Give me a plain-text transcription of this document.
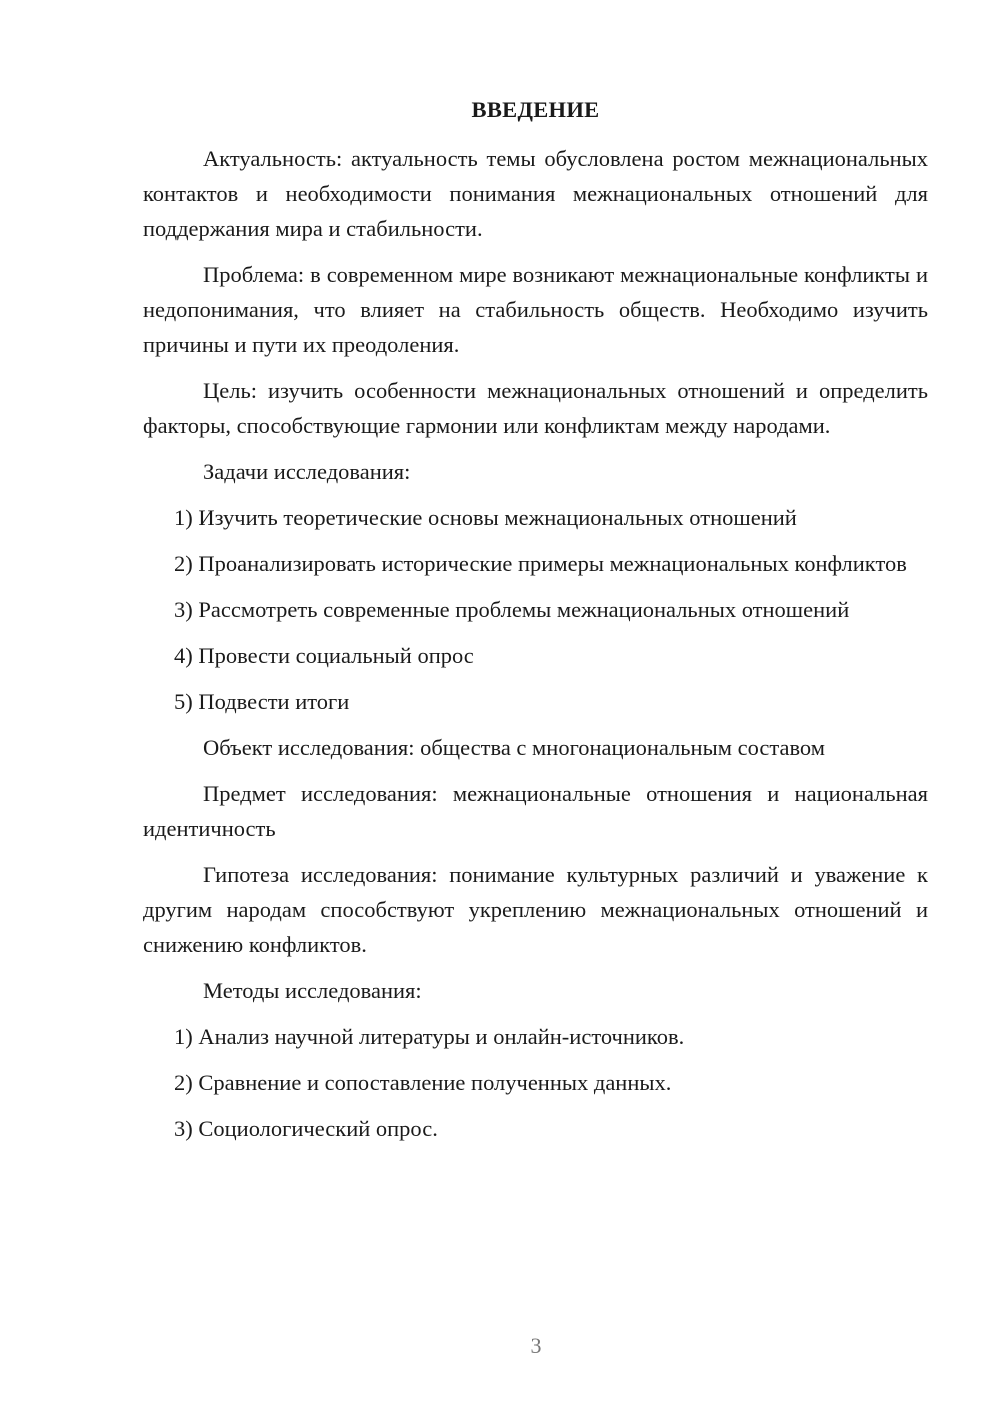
ВВЕДЕНИЕ

Актуальность: актуальность темы обусловлена ростом межнациональных контактов и необходимости понимания межнациональных отношений для поддержания мира и стабильности.

Проблема: в современном мире возникают межнациональные конфликты и недопонимания, что влияет на стабильность обществ. Необходимо изучить причины и пути их преодоления.

Цель: изучить особенности межнациональных отношений и определить факторы, способствующие гармонии или конфликтам между народами.

Задачи исследования:

1) Изучить теоретические основы межнациональных отношений

2) Проанализировать исторические примеры межнациональных конфликтов

3) Рассмотреть современные проблемы межнациональных отношений

4) Провести социальный опрос

5) Подвести итоги

Объект исследования: общества с многонациональным составом

Предмет исследования: межнациональные отношения и национальная идентичность

Гипотеза исследования: понимание культурных различий и уважение к другим народам способствуют укреплению межнациональных отношений и снижению конфликтов.

Методы исследования:

1) Анализ научной литературы и онлайн-источников.

2) Сравнение и сопоставление полученных данных.

3) Социологический опрос.

3
